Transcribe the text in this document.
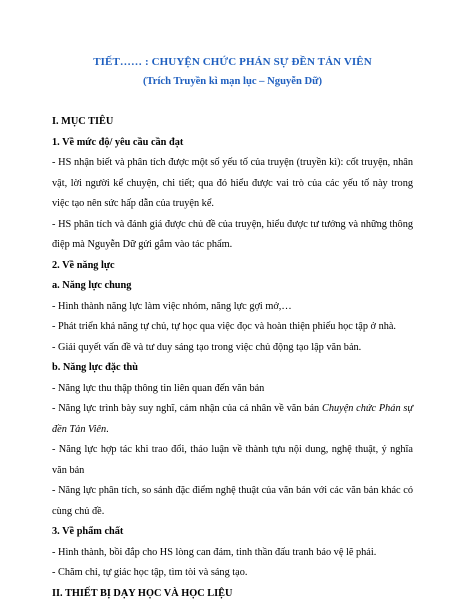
TIẾT…… : CHUYỆN CHỨC PHÁN SỰ ĐỀN TẢN VIÊN
(Trích Truyền kì mạn lục – Nguyễn Dữ)

I. MỤC TIÊU

1. Về mức độ/ yêu cầu cần đạt

- HS nhận biết và phân tích được một số yếu tố của truyện (truyền kì): cốt truyện, nhân vật, lời người kể chuyện, chi tiết; qua đó hiểu được vai trò của các yếu tố này trong việc tạo nên sức hấp dẫn của truyện kể.

- HS phân tích và đánh giá được chủ đề của truyện, hiểu được tư tưởng và những thông điệp mà Nguyễn Dữ gửi gắm vào tác phẩm.

2. Về năng lực

a. Năng lực chung

- Hình thành năng lực làm việc nhóm, năng lực gợi mở,…

- Phát triển khả năng tự chủ, tự học qua việc đọc và hoàn thiện phiếu học tập ở nhà.

- Giải quyết vấn đề và tư duy sáng tạo trong việc chủ động tạo lập văn bản.

b. Năng lực đặc thù

- Năng lực thu thập thông tin liên quan đến văn bản

- Năng lực trình bày suy nghĩ, cảm nhận của cá nhân về văn bản Chuyện chức Phán sự đền Tản Viên.

- Năng lực hợp tác khi trao đổi, thảo luận về thành tựu nội dung, nghệ thuật, ý nghĩa văn bản

- Năng lực phân tích, so sánh đặc điểm nghệ thuật của văn bản với các văn bản khác có cùng chủ đề.

3. Về phẩm chất

- Hình thành, bồi đắp cho HS lòng can đảm, tinh thần đấu tranh bảo vệ lẽ phải.

- Chăm chỉ, tự giác học tập, tìm tòi và sáng tạo.

II. THIẾT BỊ DẠY HỌC VÀ HỌC LIỆU
